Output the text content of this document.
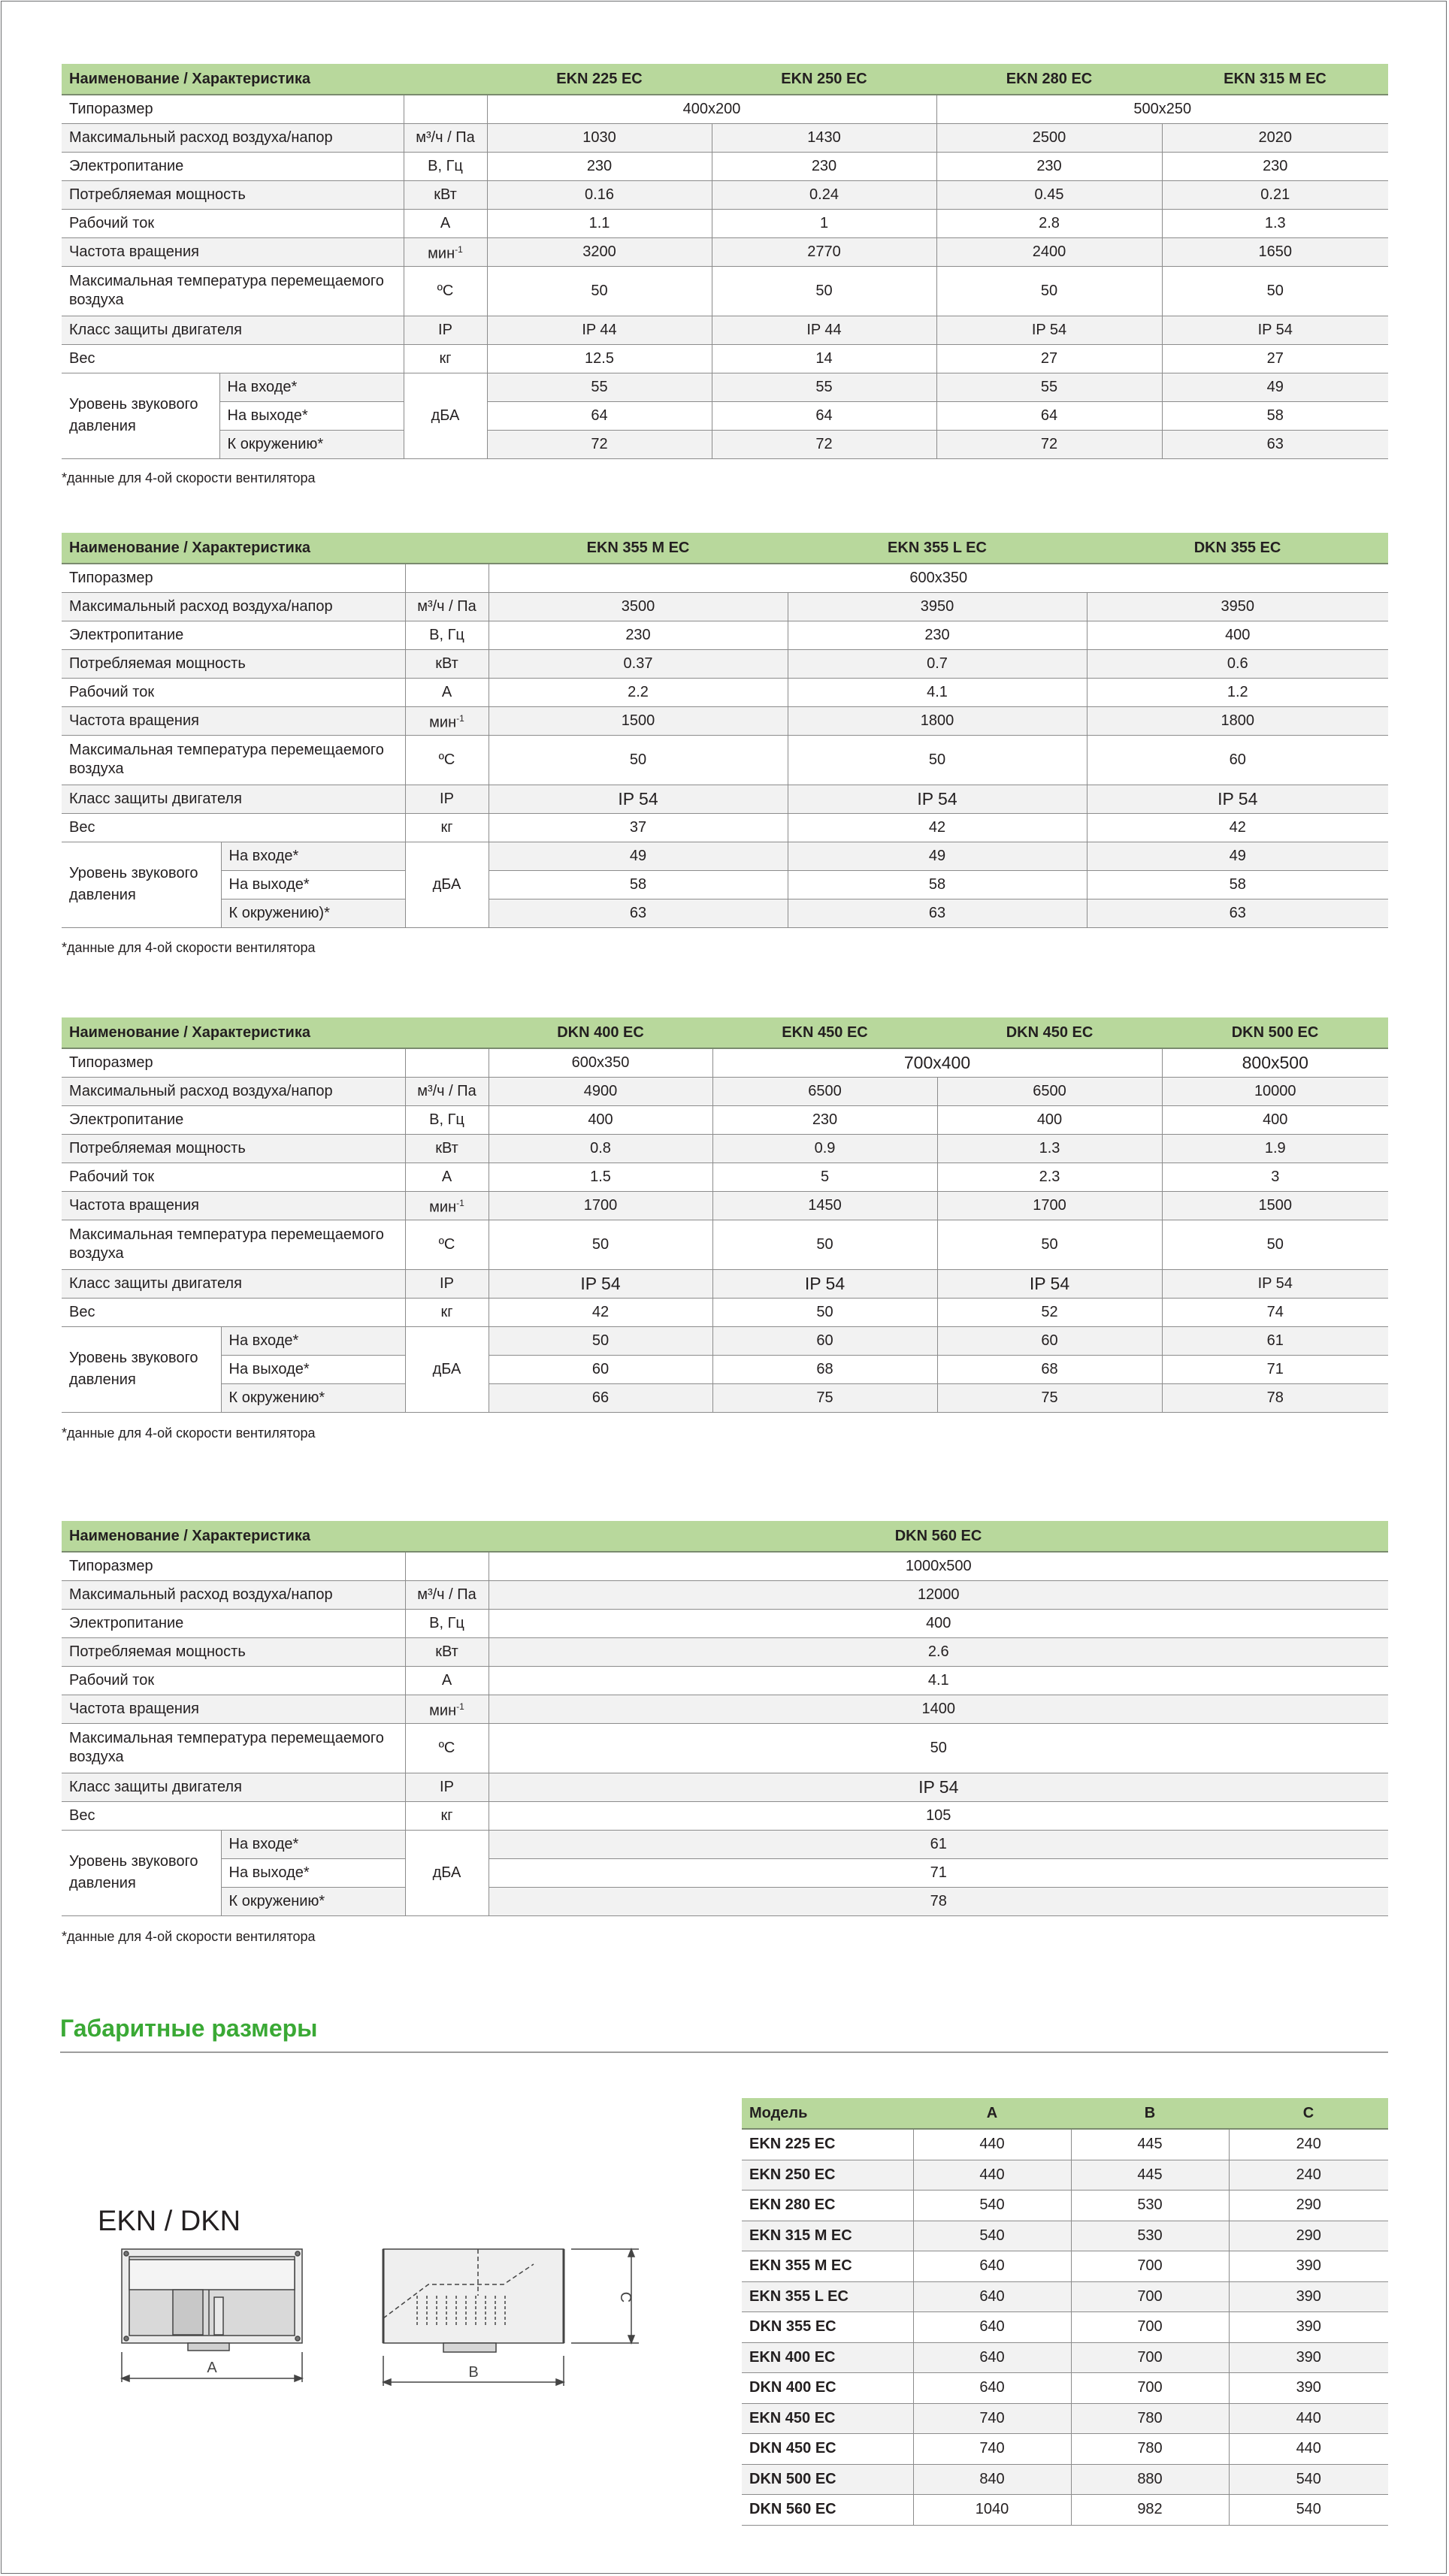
Наименование / Характеристика			EKN 225 EC	EKN 250 EC	EKN 280 EC	EKN 315 M EC
Типоразмер			400x200		500x250	
Максимальный расход воздуха/напор		м³/ч / Па	1030	1430	2500	2020
Электропитание		В, Гц	230	230	230	230
Потребляемая мощность		кВт	0.16	0.24	0.45	0.21
Рабочий ток		А	1.1	1	2.8	1.3
Частота вращения		мин$^{-1}$	3200	2770	2400	1650
Максимальная температура перемещаемого воздуха		ºC	50	50	50	50
Класс защиты двигателя		IP	IP 44	IP 44	IP 54	IP 54
Вес		кг	12.5	14	27	27
Уровень звукового давления	На входе*	дБА	55	55	55	49
	На выходе*		64	64	64	58
	К окружению*		72	72	72	63
*данные для 4-ой скорости вентилятора
Наименование / Характеристика			EKN 355 M EC	EKN 355 L EC	DKN 355 EC
Типоразмер			600x350		
Максимальный расход воздуха/напор		м³/ч / Па	3500	3950	3950
Электропитание		В, Гц	230	230	400
Потребляемая мощность		кВт	0.37	0.7	0.6
Рабочий ток		А	2.2	4.1	1.2
Частота вращения		мин$^{-1}$	1500	1800	1800
Максимальная температура перемещаемого воздуха		ºC	50	50	60
Класс защиты двигателя		IP	IP 54	IP 54	IP 54
Вес		кг	37	42	42
Уровень звукового давления	На входе*	дБА	49	49	49
	На выходе*		58	58	58
	К окружению)*		63	63	63
*данные для 4-ой скорости вентилятора
Наименование / Характеристика			DKN 400 EC	EKN 450 EC	DKN 450 EC	DKN 500 EC
Типоразмер			600x350	700x400		800x500
Максимальный расход воздуха/напор		м³/ч / Па	4900	6500	6500	10000
Электропитание		В, Гц	400	230	400	400
Потребляемая мощность		кВт	0.8	0.9	1.3	1.9
Рабочий ток		А	1.5	5	2.3	3
Частота вращения		мин$^{-1}$	1700	1450	1700	1500
Максимальная температура перемещаемого воздуха		ºC	50	50	50	50
Класс защиты двигателя		IP	IP 54	IP 54	IP 54	IP 54
Вес		кг	42	50	52	74
Уровень звукового давления	На входе*	дБА	50	60	60	61
	На выходе*		60	68	68	71
	К окружению*		66	75	75	78
*данные для 4-ой скорости вентилятора
Наименование / Характеристика			DKN 560 EC
Типоразмер			1000x500
Максимальный расход воздуха/напор		м³/ч / Па	12000
Электропитание		В, Гц	400
Потребляемая мощность		кВт	2.6
Рабочий ток		А	4.1
Частота вращения		мин$^{-1}$	1400
Максимальная температура перемещаемого воздуха		ºC	50
Класс защиты двигателя		IP	IP 54
Вес		кг	105
Уровень звукового давления	На входе*	дБА	61
	На выходе*		71
	К окружению*		78
*данные для 4-ой скорости вентилятора
Габаритные размеры
EKN / DKN
A	B
C
Модель	A	B	C
EKN 225 EC	440	445	240
EKN 250 EC	440	445	240
EKN 280 EC	540	530	290
EKN 315 M EC	540	530	290
EKN 355 M EC	640	700	390
EKN 355 L EC	640	700	390
DKN 355 EC	640	700	390
EKN 400 EC	640	700	390
DKN 400 EC	640	700	390
EKN 450 EC	740	780	440
DKN 450 EC	740	780	440
DKN 500 EC	840	880	540
DKN 560 EC	1040	982	540
